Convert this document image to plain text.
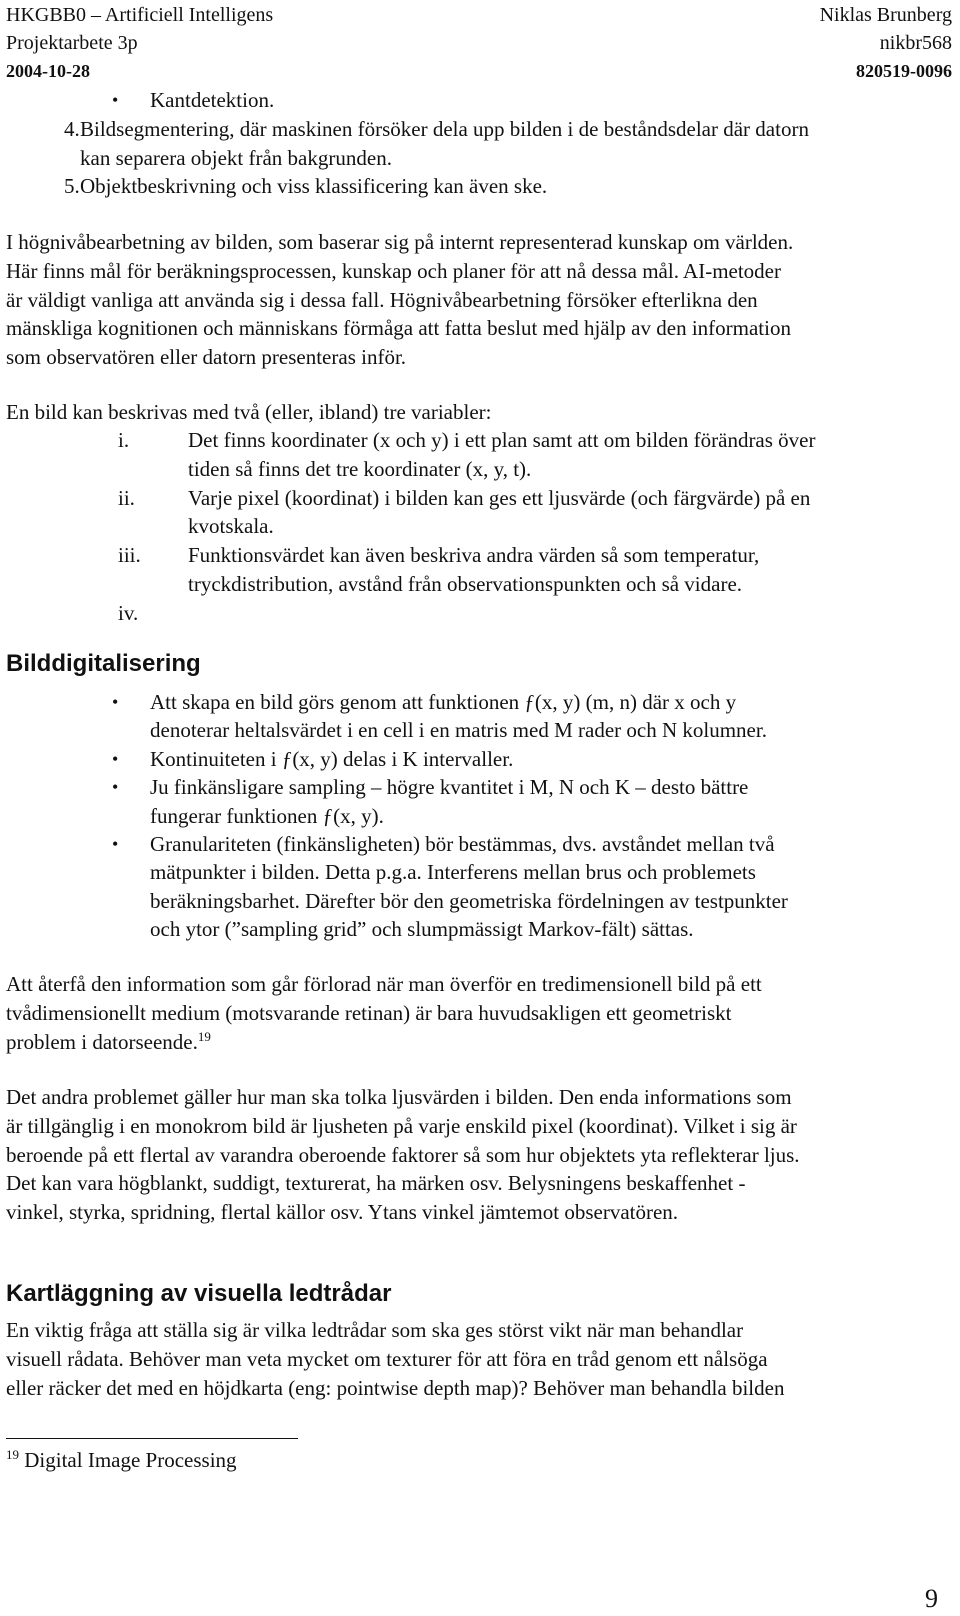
HKGBB0 – Artificiell Intelligens	Niklas Brunberg
Projektarbete 3p	nikbr568
2004-10-28	820519-0096
• Kantdetektion.
4. Bildsegmentering, där maskinen försöker dela upp bilden i de beståndsdelar där datorn
kan separera objekt från bakgrunden.
5. Objektbeskrivning och viss klassificering kan även ske.
I högnivåbearbetning av bilden, som baserar sig på internt representerad kunskap om världen.
Här finns mål för beräkningsprocessen, kunskap och planer för att nå dessa mål. AI-metoder
är väldigt vanliga att använda sig i dessa fall. Högnivåbearbetning försöker efterlikna den
mänskliga kognitionen och människans förmåga att fatta beslut med hjälp av den information
som observatören eller datorn presenteras inför.
En bild kan beskrivas med två (eller, ibland) tre variabler:
i.	Det finns koordinater (x och y) i ett plan samt att om bilden förändras över
tiden så finns det tre koordinater (x, y, t).
ii.	Varje pixel (koordinat) i bilden kan ges ett ljusvärde (och färgvärde) på en
kvotskala.
iii. Funktionsvärdet kan även beskriva andra värden så som temperatur,
tryckdistribution, avstånd från observationspunkten och så vidare.
iv.
Bilddigitalisering
• Att skapa en bild görs genom att funktionen ƒ(x, y) (m, n) där x och y
denoterar heltalsvärdet i en cell i en matris med M rader och N kolumner.
• Kontinuiteten i ƒ(x, y) delas i K intervaller.
• Ju finkänsligare sampling – högre kvantitet i M, N och K – desto bättre
fungerar funktionen ƒ(x, y).
• Granulariteten (finkänsligheten) bör bestämmas, dvs. avståndet mellan två
mätpunkter i bilden. Detta p.g.a. Interferens mellan brus och problemets
beräkningsbarhet. Därefter bör den geometriska fördelningen av testpunkter
och ytor (”sampling grid” och slumpmässigt Markov-fält) sättas.
Att återfå den information som går förlorad när man överför en tredimensionell bild på ett
tvådimensionellt medium (motsvarande retinan) är bara huvudsakligen ett geometriskt
problem i datorseende.$^{19}$
Det andra problemet gäller hur man ska tolka ljusvärden i bilden. Den enda informations som
är tillgänglig i en monokrom bild är ljusheten på varje enskild pixel (koordinat). Vilket i sig är
beroende på ett flertal av varandra oberoende faktorer så som hur objektets yta reflekterar ljus.
Det kan vara högblankt, suddigt, texturerat, ha märken osv. Belysningens beskaffenhet -
vinkel, styrka, spridning, flertal källor osv. Ytans vinkel jämtemot observatören.
Kartläggning av visuella ledtrådar
En viktig fråga att ställa sig är vilka ledtrådar som ska ges störst vikt när man behandlar
visuell rådata. Behöver man veta mycket om texturer för att föra en tråd genom ett nålsöga
eller räcker det med en höjdkarta (eng: pointwise depth map)? Behöver man behandla bilden
$^{19}$ Digital Image Processing
9
